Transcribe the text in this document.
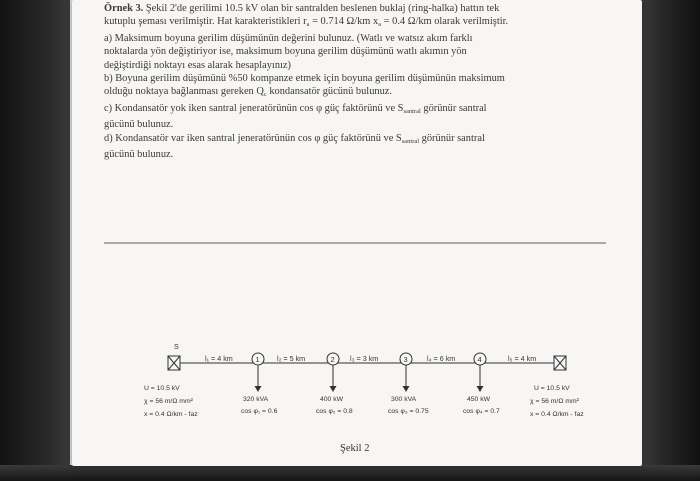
Örnek 3. Şekil 2'de gerilimi 10.5 kV olan bir santralden beslenen buklaj (ring-halka) hattın tek

kutuplu şeması verilmiştir. Hat karakteristikleri $r_a = 0.714$ Ω/km $x_a = 0.4$ Ω/km olarak verilmiştir.

a) Maksimum boyuna gerilim düşümünün değerini bulunuz. (Watlı ve watsız akım farklı

noktalarda yön değiştiriyor ise, maksimum boyuna gerilim düşümünü watlı akımın yön

değiştirdiği noktayı esas alarak hesaplayınız)

b) Boyuna gerilim düşümünü %50 kompanze etmek için boyuna gerilim düşümünün maksimum

olduğu noktaya bağlanması gereken $Q_c$ kondansatör gücünü bulunuz.

c) Kondansatör yok iken santral jeneratörünün cos φ güç faktörünü ve $S_{santral}$ görünür santral

gücünü bulunuz.

d) Kondansatör var iken santral jeneratörünün cos φ güç faktörünü ve $S_{santral}$ görünür santral

gücünü bulunuz.

S
l₁ = 4 km	l₂ = 5 km	l₃ = 3 km	l₄ = 6 km	l₅ = 4 km
1	2	3	4
320 kVA
cos φ₁ = 0.6
400 kW
cos φ₂ = 0.8
300 kVA
cos φ₃ = 0.75
450 kW
cos φ₄ = 0.7
U = 10.5 kV
χ = 56 m/Ω mm²
x = 0.4 Ω/km - faz
U = 10.5 kV
χ = 56 m/Ω mm²
x = 0.4 Ω/km - faz
Şekil 2
